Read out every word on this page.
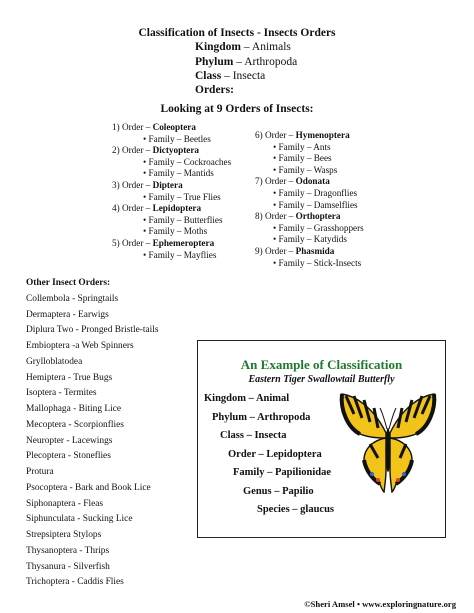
Classification of Insects - Insects Orders
Kingdom – Animals
Phylum – Arthropoda
Class – Insecta
Orders:
Looking at 9 Orders of Insects:
1) Order – Coleoptera
• Family – Beetles
2) Order – Dictyoptera
• Family – Cockroaches
• Family – Mantids
3) Order – Diptera
• Family – True Flies
4) Order – Lepidoptera
• Family – Butterflies
• Family – Moths
5) Order – Ephemeroptera
• Family – Mayflies
6) Order – Hymenoptera
• Family – Ants
• Family – Bees
• Family – Wasps
7) Order – Odonata
• Family – Dragonflies
• Family – Damselflies
8) Order – Orthoptera
• Family – Grasshoppers
• Family – Katydids
9) Order – Phasmida
• Family – Stick-Insects
Other Insect Orders:
Collembola - Springtails
Dermaptera - Earwigs
Diplura Two - Pronged Bristle-tails
Embioptera -a Web Spinners
Grylloblatodea
Hemiptera - True Bugs
Isoptera - Termites
Mallophaga - Biting Lice
Mecoptera - Scorpionflies
Neuropter - Lacewings
Plecoptera - Stoneflies
Protura
Psocoptera - Bark and Book Lice
Siphonaptera - Fleas
Siphunculata - Sucking Lice
Strepsiptera Stylops
Thysanoptera - Thrips
Thysanura - Silverfish
Trichoptera - Caddis Flies
An Example of Classification
Eastern Tiger Swallowtail Butterfly
Kingdom – Animal
Phylum – Arthropoda
Class – Insecta
Order – Lepidoptera
Family – Papilionidae
Genus – Papilio
Species – glaucus
©Sheri Amsel • www.exploringnature.org
